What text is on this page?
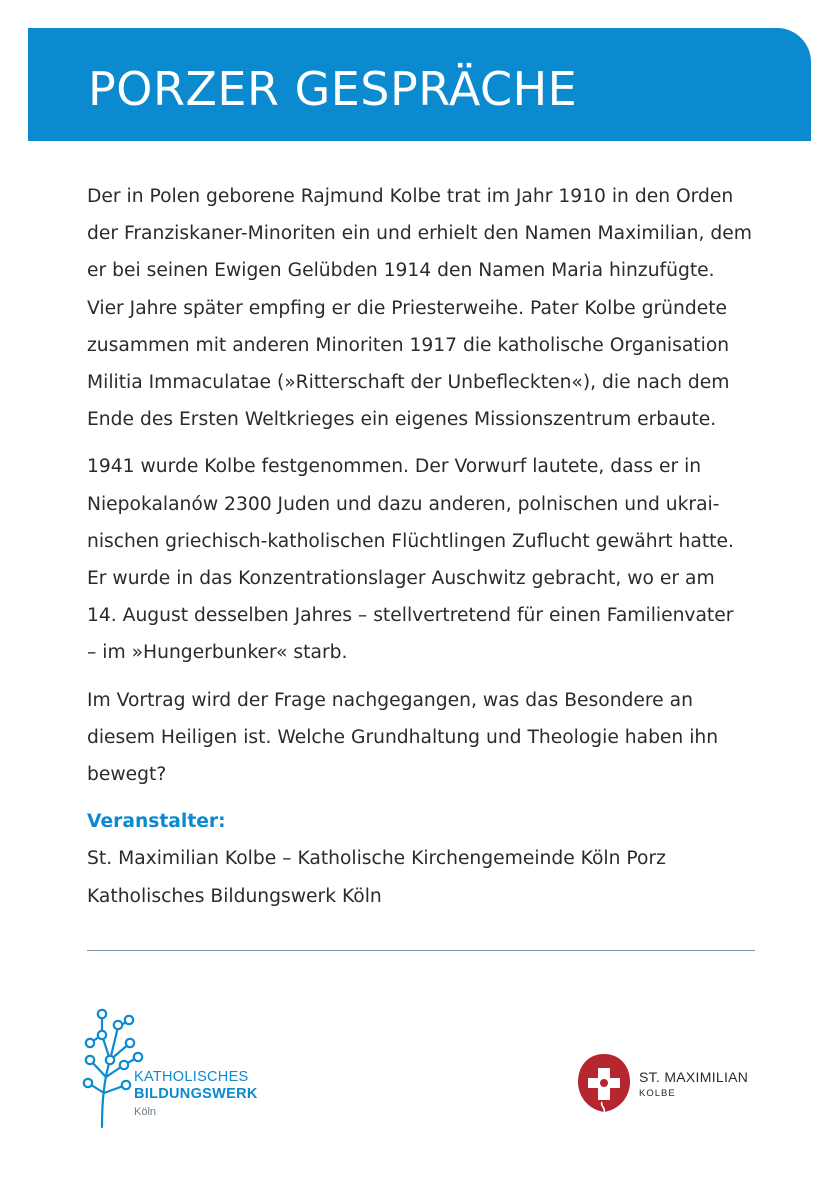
PORZER GESPRÄCHE

Der in Polen geborene Rajmund Kolbe trat im Jahr 1910 in den Orden
der Franziskaner-Minoriten ein und erhielt den Namen Maximilian, dem
er bei seinen Ewigen Gelübden 1914 den Namen Maria hinzufügte.
Vier Jahre später empfing er die Priesterweihe. Pater Kolbe gründete
zusammen mit anderen Minoriten 1917 die katholische Organisation
Militia Immaculatae (»Ritterschaft der Unbefleckten«), die nach dem
Ende des Ersten Weltkrieges ein eigenes Missionszentrum erbaute.

1941 wurde Kolbe festgenommen. Der Vorwurf lautete, dass er in
Niepokalanów 2300 Juden und dazu anderen, polnischen und ukrai-
nischen griechisch-katholischen Flüchtlingen Zuflucht gewährt hatte.
Er wurde in das Konzentrationslager Auschwitz gebracht, wo er am
14. August desselben Jahres – stellvertretend für einen Familienvater
– im »Hungerbunker« starb.

Im Vortrag wird der Frage nachgegangen, was das Besondere an
diesem Heiligen ist. Welche Grundhaltung und Theologie haben ihn
bewegt?

Veranstalter:
St. Maximilian Kolbe – Katholische Kirchengemeinde Köln Porz
Katholisches Bildungswerk Köln
KATHOLISCHES
BILDUNGSWERK
Köln
ST. MAXIMILIAN
KOLBE
